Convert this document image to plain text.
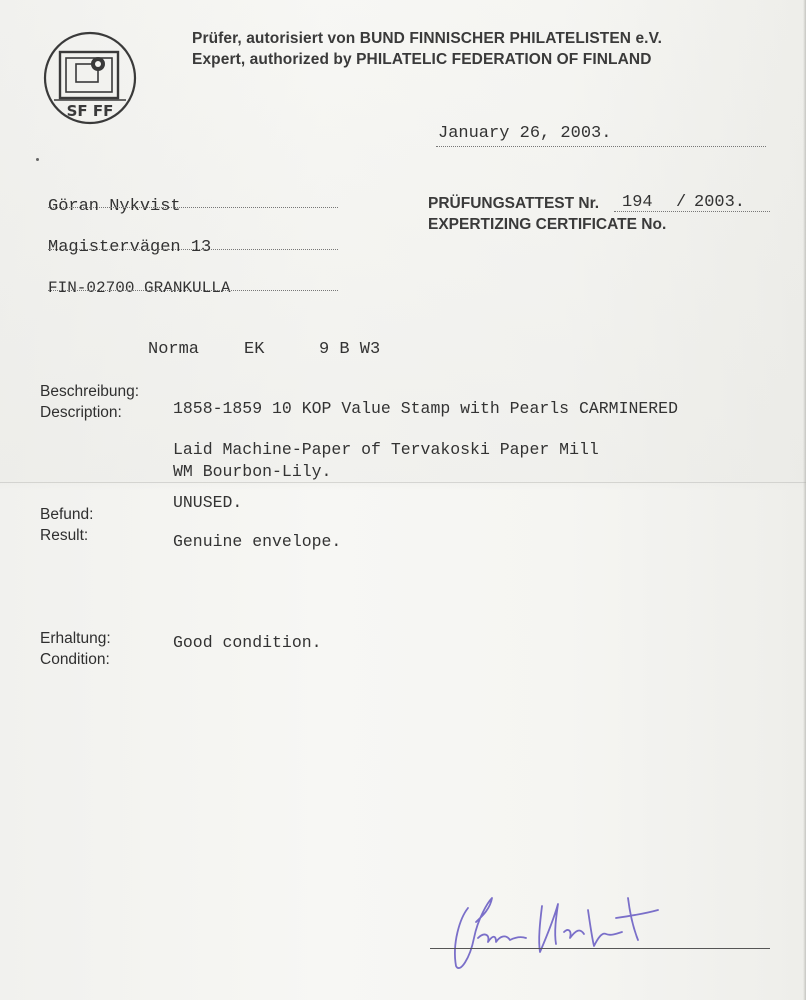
SF FF
Prüfer, autorisiert von BUND FINNISCHER PHILATELISTEN e.V.
Expert, authorized by PHILATELIC FEDERATION OF FINLAND
January 26, 2003.
Göran Nykvist
Magistervägen 13
FIN-02700 GRANKULLA
PRÜFUNGSATTEST Nr.
EXPERTIZING CERTIFICATE No.
194 / 2003.
Norma	EK	9 B W3
Beschreibung:
Description:	1858-1859 10 KOP Value Stamp with Pearls CARMINERED
Laid Machine-Paper of Tervakoski Paper Mill
WM Bourbon-Lily.
UNUSED.
Befund:
Result:	Genuine envelope.
Erhaltung:
Condition:
Good condition.
